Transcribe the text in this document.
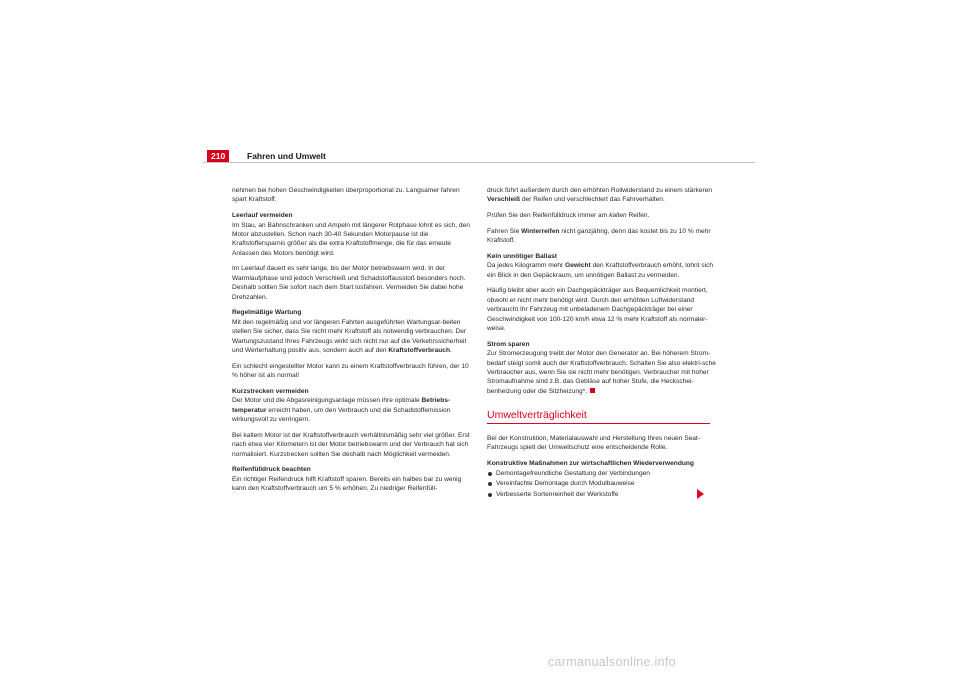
210	Fahren und Umwelt

nehmen bei hohen Geschwindigkeiten überproportional zu. Langsamer fahren spart Kraftstoff.

Leerlauf vermeiden

Im Stau, an Bahnschranken und Ampeln mit längerer Rotphase lohnt es sich, den Motor abzustellen. Schon nach 30-40 Sekunden Motorpause ist die Kraftstoffersparnis größer als die extra Kraftstoffmenge, die für das erneute Anlassen des Motors benötigt wird.

Im Leerlauf dauert es sehr lange, bis der Motor betriebswarm wird. In der Warmlaufphase sind jedoch Verschleiß und Schadstoffausstoß besonders hoch. Deshalb sollten Sie sofort nach dem Start losfahren. Vermeiden Sie dabei hohe Drehzahlen.

Regelmäßige Wartung

Mit den regelmäßig und vor längeren Fahrten ausgeführten Wartungsar-beiten stellen Sie sicher, dass Sie nicht mehr Kraftstoff als notwendig verbrauchen. Der Wartungszustand Ihres Fahrzeugs wirkt sich nicht nur auf die Verkehrssicherheit und Werterhaltung positiv aus, sondern auch auf den Kraftstoffverbrauch.

Ein schlecht eingestellter Motor kann zu einem Kraftstoffverbrauch führen, der 10 % höher ist als normal!

Kurzstrecken vermeiden

Der Motor und die Abgasreinigungsanlage müssen ihre optimale Betriebs-temperatur erreicht haben, um den Verbrauch und die Schadstoffemission wirkungsvoll zu verringern.

Bei kaltem Motor ist der Kraftstoffverbrauch verhältnismäßig sehr viel größer. Erst nach etwa vier Kilometern ist der Motor betriebswarm und der Verbrauch hat sich normalisiert. Kurzstrecken sollten Sie deshalb nach Möglichkeit vermeiden.

Reifenfülldruck beachten

Ein richtiger Reifendruck hilft Kraftstoff sparen. Bereits ein halbes bar zu wenig kann den Kraftstoffverbrauch um 5 % erhöhen. Zu niedriger Reifenfüll-

druck führt außerdem durch den erhöhten Rollwiderstand zu einem stärkeren Verschleiß der Reifen und verschlechtert das Fahrverhalten.

Prüfen Sie den Reifenfülldruck immer am kalten Reifen.

Fahren Sie Winterreifen nicht ganzjährig, denn das kostet bis zu 10 % mehr Kraftstoff.

Kein unnötiger Ballast

Da jedes Kilogramm mehr Gewicht den Kraftstoffverbrauch erhöht, lohnt sich ein Blick in den Gepäckraum, um unnötigen Ballast zu vermeiden.

Häufig bleibt aber auch ein Dachgepäckträger aus Bequemlichkeit montiert, obwohl er nicht mehr benötigt wird. Durch den erhöhten Luftwiderstand verbraucht Ihr Fahrzeug mit unbeladenem Dachgepäckträger bei einer Geschwindigkeit von 100-120 km/h etwa 12 % mehr Kraftstoff als normaler-weise.

Strom sparen

Zur Stromerzeugung treibt der Motor den Generator an. Bei höherem Strom-bedarf steigt somit auch der Kraftstoffverbrauch. Schalten Sie also elektri-sche Verbraucher aus, wenn Sie sie nicht mehr benötigen. Verbraucher mit hoher Stromaufnahme sind z.B. das Gebläse auf hoher Stufe, die Heckschei-benheizung oder die Sitzheizung*.

Umweltverträglichkeit

Bei der Konstruktion, Materialauswahl und Herstellung Ihres neuen Seat-Fahrzeugs spielt der Umweltschutz eine entscheidende Rolle.

Konstruktive Maßnahmen zur wirtschaftlichen Wiederverwendung
Demontagefreundliche Gestaltung der Verbindungen
Vereinfachte Demontage durch Modulbauweise
Verbesserte Sortenreinheit der Werkstoffe
carmanualsonline.info
